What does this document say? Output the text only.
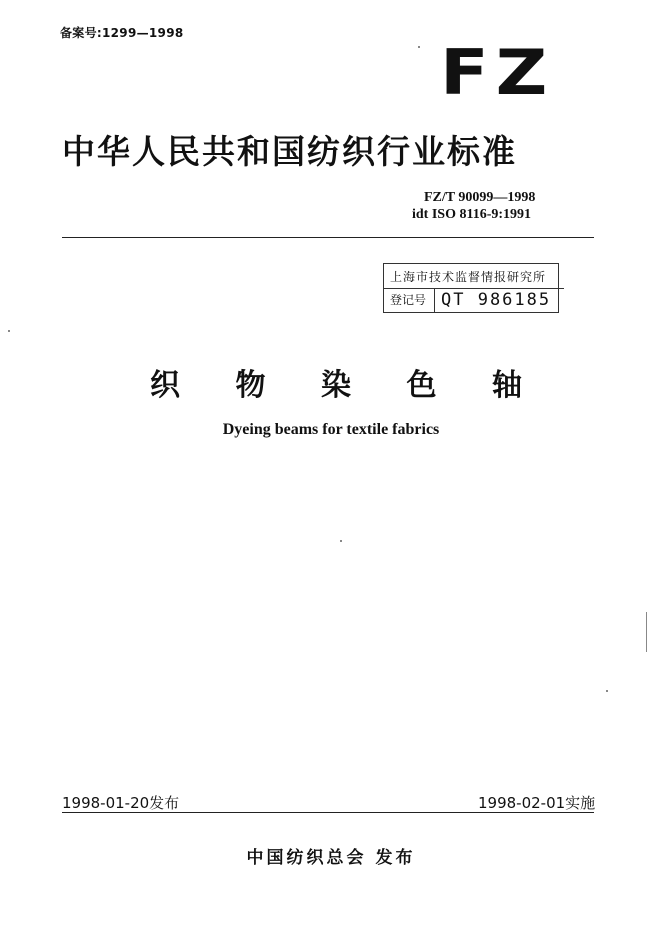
备案号:1299—1998
FZ
中华人民共和国纺织行业标准
FZ/T 90099—1998
idt ISO 8116-9:1991
上海市技术监督情报研究所
登记号 QT 986185
织 物 染 色 轴
Dyeing beams for textile fabrics
1998-01-20发布	1998-02-01实施
中国纺织总会 发布
